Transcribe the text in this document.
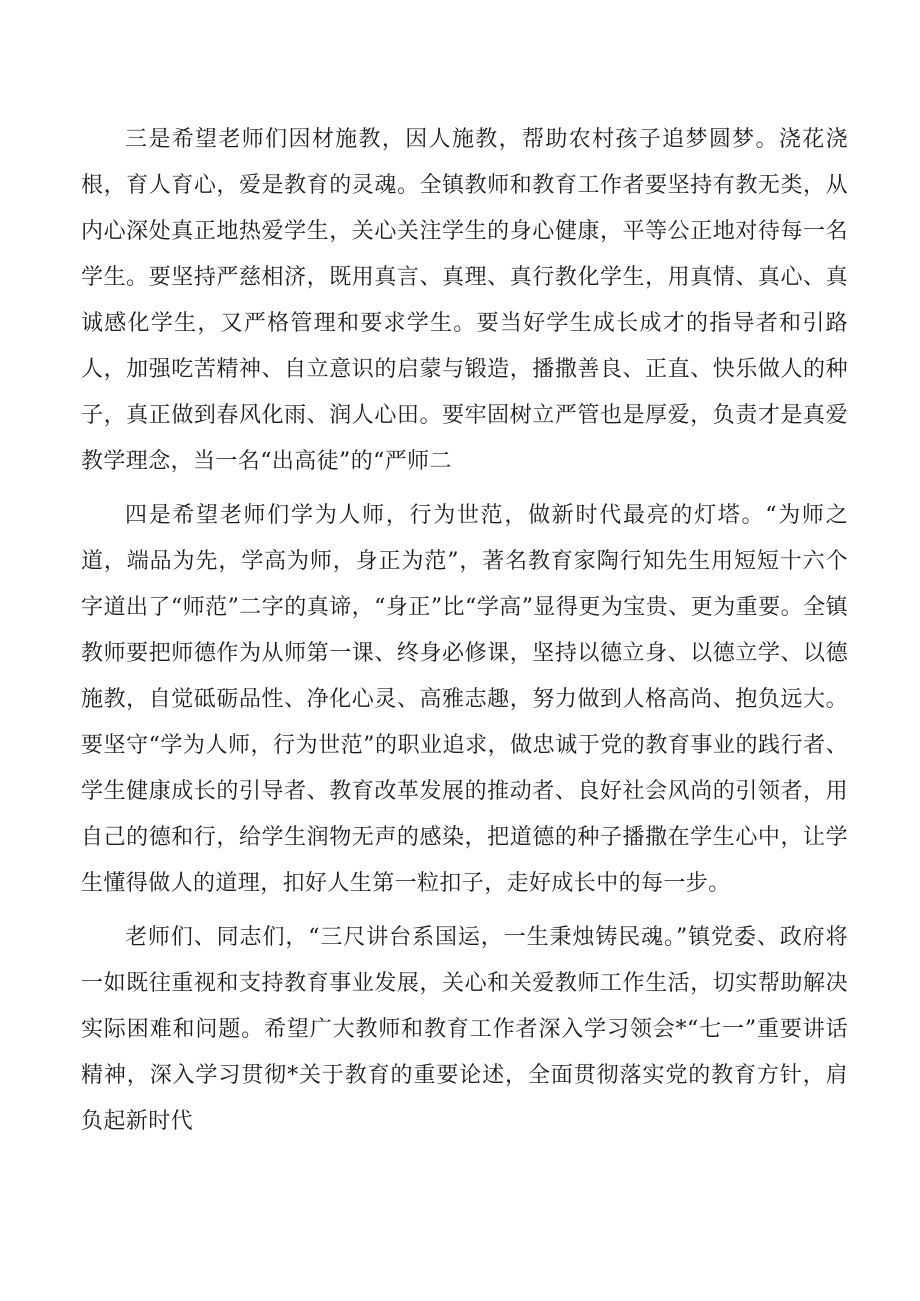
三是希望老师们因材施教，因人施教，帮助农村孩子追梦圆梦。浇花浇根，育人育心，爱是教育的灵魂。全镇教师和教育工作者要坚持有教无类，从内心深处真正地热爱学生，关心关注学生的身心健康，平等公正地对待每一名学生。要坚持严慈相济，既用真言、真理、真行教化学生，用真情、真心、真诚感化学生，又严格管理和要求学生。要当好学生成长成才的指导者和引路人，加强吃苦精神、自立意识的启蒙与锻造，播撒善良、正直、快乐做人的种子，真正做到春风化雨、润人心田。要牢固树立严管也是厚爱，负责才是真爱教学理念，当一名“出高徒”的“严师二

四是希望老师们学为人师，行为世范，做新时代最亮的灯塔。“为师之道，端品为先，学高为师，身正为范”，著名教育家陶行知先生用短短十六个字道出了“师范”二字的真谛，“身正”比“学高”显得更为宝贵、更为重要。全镇教师要把师德作为从师第一课、终身必修课，坚持以德立身、以德立学、以德施教，自觉砥砺品性、净化心灵、高雅志趣，努力做到人格高尚、抱负远大。要坚守“学为人师，行为世范”的职业追求，做忠诚于党的教育事业的践行者、学生健康成长的引导者、教育改革发展的推动者、良好社会风尚的引领者，用自己的德和行，给学生润物无声的感染，把道德的种子播撒在学生心中，让学生懂得做人的道理，扣好人生第一粒扣子，走好成长中的每一步。

老师们、同志们，“三尺讲台系国运，一生秉烛铸民魂。”镇党委、政府将一如既往重视和支持教育事业发展，关心和关爱教师工作生活，切实帮助解决实际困难和问题。希望广大教师和教育工作者深入学习领会*“七一”重要讲话精神，深入学习贯彻*关于教育的重要论述，全面贯彻落实党的教育方针，肩负起新时代
